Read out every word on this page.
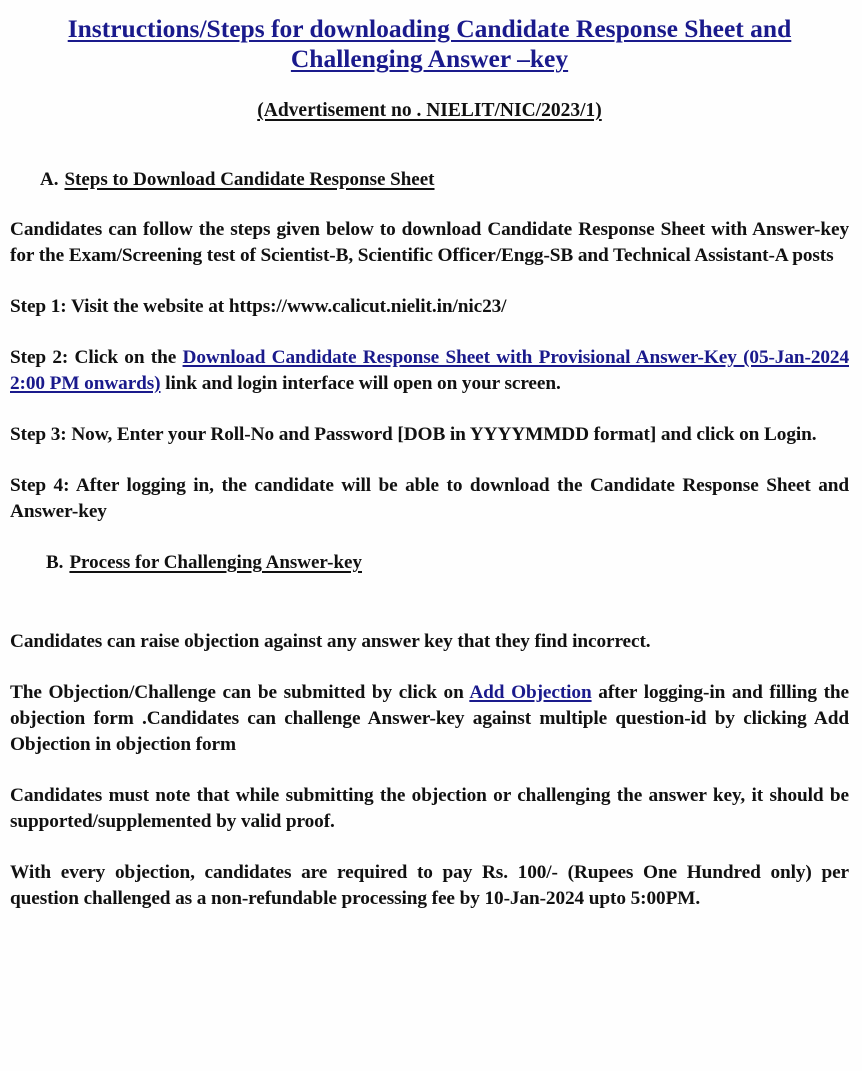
Instructions/Steps for downloading Candidate Response Sheet and
Challenging Answer –key
(Advertisement no . NIELIT/NIC/2023/1)
A. Steps to Download Candidate Response Sheet

Candidates can follow the steps given below to download Candidate Response Sheet with Answer-key for the Exam/Screening test of Scientist-B, Scientific Officer/Engg-SB and Technical Assistant-A posts

Step 1: Visit the website at https://www.calicut.nielit.in/nic23/

Step 2: Click on the Download Candidate Response Sheet with Provisional Answer-Key (05-Jan-2024 2:00 PM onwards) link and login interface will open on your screen.

Step 3: Now, Enter your Roll-No and Password [DOB in YYYYMMDD format] and click on Login.

Step 4: After logging in, the candidate will be able to download the Candidate Response Sheet and Answer-key

B. Process for Challenging Answer-key

Candidates can raise objection against any answer key that they find incorrect.

The Objection/Challenge can be submitted by click on Add Objection after logging-in and filling the objection form .Candidates can challenge Answer-key against multiple question-id by clicking Add Objection in objection form

Candidates must note that while submitting the objection or challenging the answer key, it should be supported/supplemented by valid proof.

With every objection, candidates are required to pay Rs. 100/- (Rupees One Hundred only) per question challenged as a non-refundable processing fee by 10-Jan-2024 upto 5:00PM.
